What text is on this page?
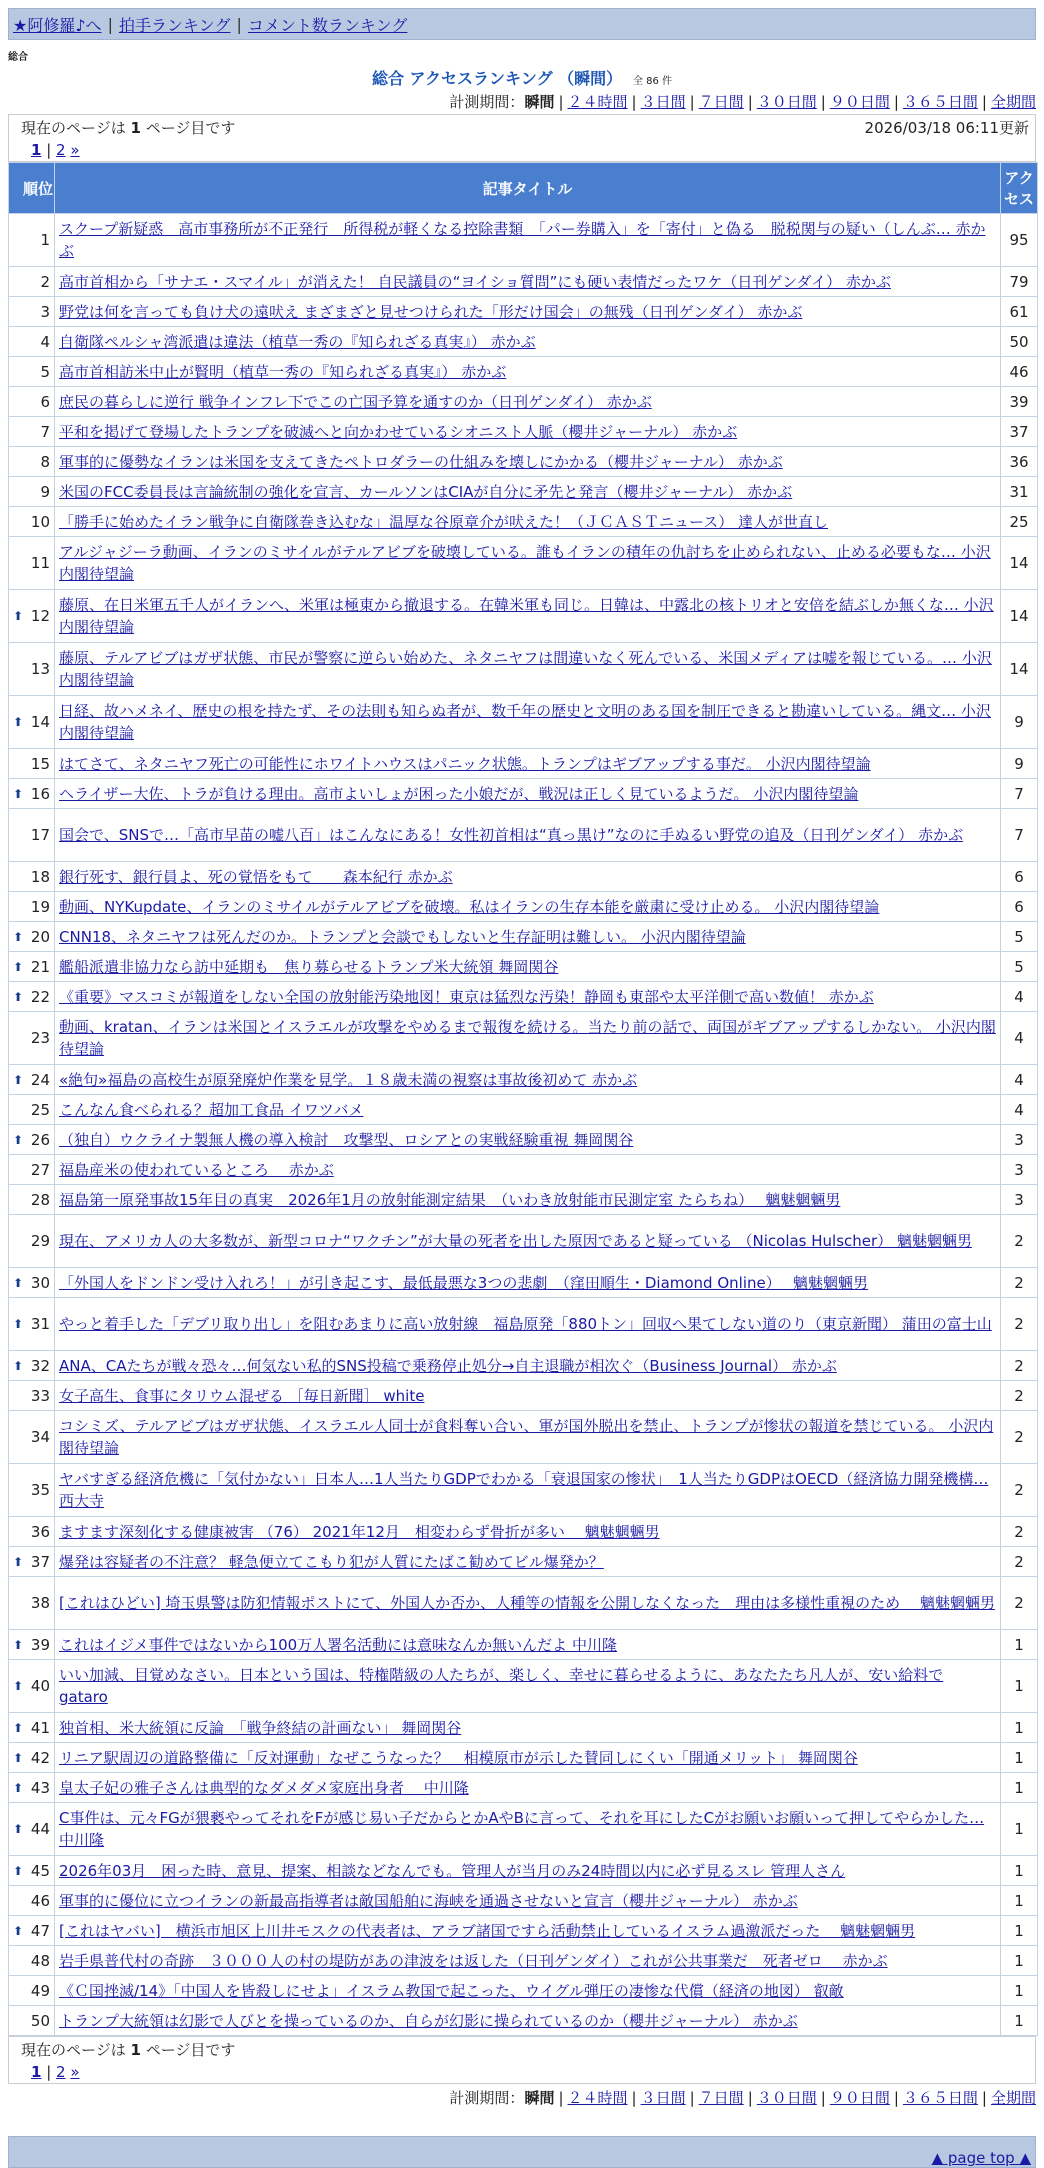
★阿修羅♪へ | 拍手ランキング | コメント数ランキング
総合
総合 アクセスランキング （瞬間） 全 86 件
計測期間：瞬間 | ２４時間 | ３日間 | ７日間 | ３０日間 | ９０日間 | ３６５日間 | 全期間
現在のページは 1 ページ目です	2026/03/18 06:11更新
1 | 2 »
順位	記事タイトル	アクセス
1	スクープ新疑惑　高市事務所が不正発行　所得税が軽くなる控除書類　「パー券購入」を「寄付」と偽る　脱税関与の疑い（しんぶ… 赤かぶ	95
2	高市首相から「サナエ・スマイル」が消えた！ 自民議員の“ヨイショ質問”にも硬い表情だったワケ（日刊ゲンダイ） 赤かぶ	79
3	野党は何を言っても負け犬の遠吠え まざまざと見せつけられた「形だけ国会」の無残（日刊ゲンダイ） 赤かぶ	61
4	自衛隊ペルシャ湾派遣は違法（植草一秀の『知られざる真実』） 赤かぶ	50
5	高市首相訪米中止が賢明（植草一秀の『知られざる真実』） 赤かぶ	46
6	庶民の暮らしに逆行 戦争インフレ下でこの亡国予算を通すのか（日刊ゲンダイ） 赤かぶ	39
7	平和を掲げて登場したトランプを破滅へと向かわせているシオニスト人脈（櫻井ジャーナル） 赤かぶ	37
8	軍事的に優勢なイランは米国を支えてきたペトロダラーの仕組みを壊しにかかる（櫻井ジャーナル） 赤かぶ	36
9	米国のFCC委員長は言論統制の強化を宣言、カールソンはCIAが自分に矛先と発言（櫻井ジャーナル） 赤かぶ	31
10	「勝手に始めたイラン戦争に自衛隊巻き込むな」温厚な谷原章介が吠えた！（ＪＣＡＳＴニュース） 達人が世直し	25
11	アルジャジーラ動画、イランのミサイルがテルアビブを破壊している。誰もイランの積年の仇討ちを止められない、止める必要もな… 小沢内閣待望論	14

⬆ 12	藤原、在日米軍五千人がイランへ、米軍は極東から撤退する。在韓米軍も同じ。日韓は、中露北の核トリオと安倍を結ぶしか無くな… 小沢内閣待望論	14
13	藤原、テルアビブはガザ状態、市民が警察に逆らい始めた、ネタニヤフは間違いなく死んでいる、米国メディアは嘘を報じている。… 小沢内閣待望論	14

⬆ 14	日経、故ハメネイ、歴史の根を持たず、その法則も知らぬ者が、数千年の歴史と文明のある国を制圧できると勘違いしている。縄文… 小沢内閣待望論	9
15	はてさて、ネタニヤフ死亡の可能性にホワイトハウスはパニック状態。トランプはギブアップする事だ。 小沢内閣待望論	9

⬆ 16	ヘライザー大佐、トラが負ける理由。高市よいしょが困った小娘だが、戦況は正しく見ているようだ。 小沢内閣待望論	7
17	国会で、SNSで…「高市早苗の嘘八百」はこんなにある！女性初首相は“真っ黒け”なのに手ぬるい野党の追及（日刊ゲンダイ） 赤かぶ	7
18	銀行死す、銀行員よ、死の覚悟をもて　　森本紀行 赤かぶ	6
19	動画、NYKupdate、イランのミサイルがテルアビブを破壊。私はイランの生存本能を厳粛に受け止める。 小沢内閣待望論	6

⬆ 20	CNN18、ネタニヤフは死んだのか。トランプと会談でもしないと生存証明は難しい。 小沢内閣待望論	5

⬆ 21	艦船派遣非協力なら訪中延期も　焦り募らせるトランプ米大統領 舞岡関谷	5

⬆ 22	《重要》マスコミが報道をしない全国の放射能汚染地図！東京は猛烈な汚染！静岡も東部や太平洋側で高い数値！ 赤かぶ	4
23	動画、kratan、イランは米国とイスラエルが攻撃をやめるまで報復を続ける。当たり前の話で、両国がギブアップするしかない。 小沢内閣待望論	4

⬆ 24	«絶句»福島の高校生が原発廃炉作業を見学。１８歳未満の視察は事故後初めて 赤かぶ	4
25	こんなん食べられる？超加工食品 イワツバメ	4

⬆ 26	（独自）ウクライナ製無人機の導入検討　攻撃型、ロシアとの実戦経験重視 舞岡関谷	3
27	福島産米の使われているところ　 赤かぶ	3
28	福島第一原発事故15年目の真実　2026年1月の放射能測定結果　（いわき放射能市民測定室 たらちね）　 魑魅魍魎男	3
29	現在、アメリカ人の大多数が、新型コロナ“ワクチン”が大量の死者を出した原因であると疑っている （Nicolas Hulscher） 魑魅魍魎男	2

⬆ 30	「外国人をドンドン受け入れろ！」が引き起こす、最低最悪な3つの悲劇　（窪田順生・Diamond Online）　 魑魅魍魎男	2

⬆ 31	やっと着手した「デブリ取り出し」を阻むあまりに高い放射線　福島原発「880トン」回収へ果てしない道のり（東京新聞） 蒲田の富士山	2

⬆ 32	ANA、CAたちが戦々恐々…何気ない私的SNS投稿で乗務停止処分→自主退職が相次ぐ（Business Journal） 赤かぶ	2
33	女子高生、食事にタリウム混ぜる ［毎日新聞］ white	2
34	コシミズ、テルアビブはガザ状態、イスラエル人同士が食料奪い合い、軍が国外脱出を禁止、トランプが惨状の報道を禁じている。 小沢内閣待望論	2
35	ヤバすぎる経済危機に「気付かない」日本人…1人当たりGDPでわかる「衰退国家の惨状」　1人当たりGDPはOECD（経済協力開発機構… 西大寺	2
36	ますます深刻化する健康被害 （76） 2021年12月　相変わらず骨折が多い　 魑魅魍魎男	2

⬆ 37	爆発は容疑者の不注意？ 軽急便立てこもり犯が人質にたばこ勧めてビル爆発か？	2
38	[これはひどい] 埼玉県警は防犯情報ポストにて、外国人か否か、人種等の情報を公開しなくなった　理由は多様性重視のため　 魑魅魍魎男	2

⬆ 39	これはイジメ事件ではないから100万人署名活動には意味なんか無いんだよ 中川隆	1

⬆ 40	いい加減、目覚めなさい。日本という国は、特権階級の人たちが、楽しく、幸せに暮らせるように、あなたたち凡人が、安い給料で gataro	1

⬆ 41	独首相、米大統領に反論　「戦争終結の計画ない」 舞岡関谷	1

⬆ 42	リニア駅周辺の道路整備に「反対運動」なぜこうなった？　相模原市が示した賛同しにくい「開通メリット」 舞岡関谷	1

⬆ 43	皇太子妃の雅子さんは典型的なダメダメ家庭出身者　 中川隆	1

⬆ 44	C事件は、元々FGが猥褻やってそれをFが感じ易い子だからとかAやBに言って、それを耳にしたCがお願いお願いって押してやらかした… 中川隆	1

⬆ 45	2026年03月　困った時、意見、提案、相談などなんでも。管理人が当月のみ24時間以内に必ず見るスレ 管理人さん	1
46	軍事的に優位に立つイランの新最高指導者は敵国船舶に海峡を通過させないと宣言（櫻井ジャーナル） 赤かぶ	1

⬆ 47	[これはヤバい]　横浜市旭区上川井モスクの代表者は、アラブ諸国ですら活動禁止しているイスラム過激派だった　 魑魅魍魎男	1
48	岩手県普代村の奇跡　３０００人の村の堤防があの津波をは返した（日刊ゲンダイ）これが公共事業だ　死者ゼロ　 赤かぶ	1
49	《Ｃ国挫滅/14》「中国人を皆殺しにせよ」イスラム教国で起こった、ウイグル弾圧の凄惨な代償（経済の地図） 叡敵	1
50	トランプ大統領は幻影で人びとを操っているのか、自らが幻影に操られているのか（櫻井ジャーナル） 赤かぶ	1
現在のページは 1 ページ目です
1 | 2 »
計測期間：瞬間 | ２４時間 | ３日間 | ７日間 | ３０日間 | ９０日間 | ３６５日間 | 全期間
▲ page top ▲
